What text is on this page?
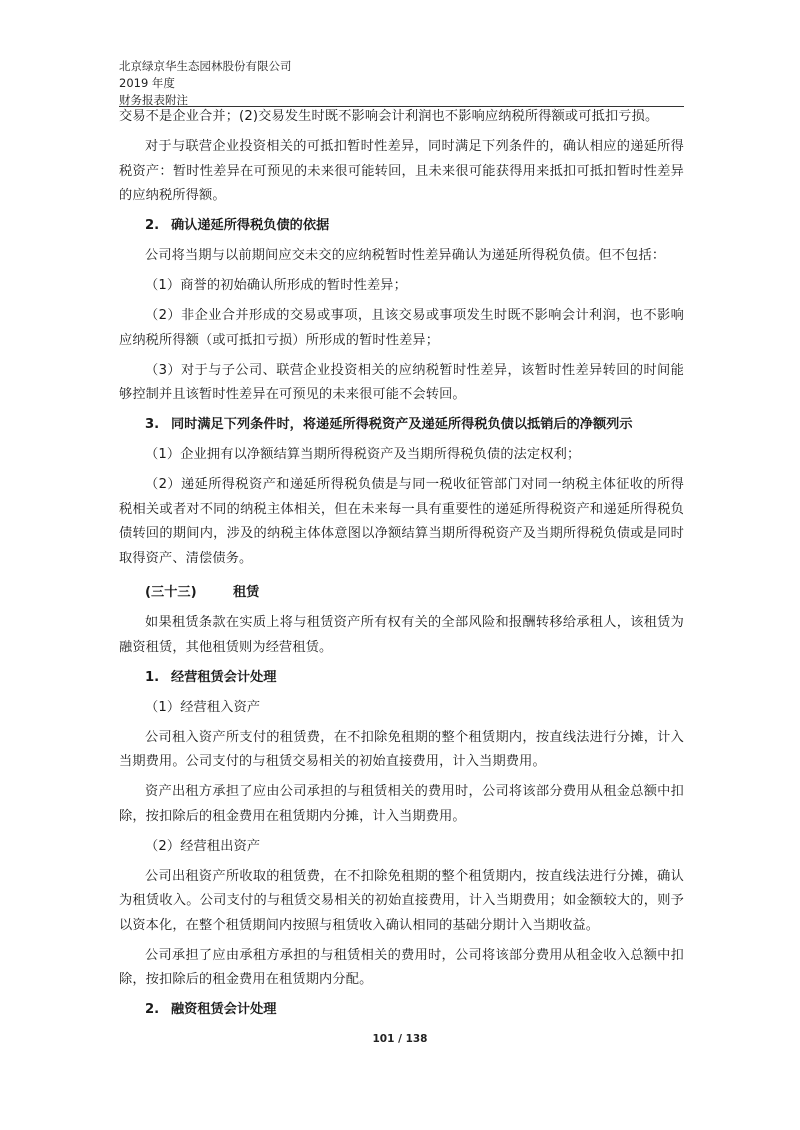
北京绿京华生态园林股份有限公司
2019 年度
财务报表附注

交易不是企业合并；(2)交易发生时既不影响会计利润也不影响应纳税所得额或可抵扣亏损。

对于与联营企业投资相关的可抵扣暂时性差异，同时满足下列条件的，确认相应的递延所得税资产：暂时性差异在可预见的未来很可能转回，且未来很可能获得用来抵扣可抵扣暂时性差异的应纳税所得额。

2. 确认递延所得税负债的依据

公司将当期与以前期间应交未交的应纳税暂时性差异确认为递延所得税负债。但不包括：

（1）商誉的初始确认所形成的暂时性差异；

（2）非企业合并形成的交易或事项，且该交易或事项发生时既不影响会计利润，也不影响应纳税所得额（或可抵扣亏损）所形成的暂时性差异；

（3）对于与子公司、联营企业投资相关的应纳税暂时性差异，该暂时性差异转回的时间能够控制并且该暂时性差异在可预见的未来很可能不会转回。

3. 同时满足下列条件时，将递延所得税资产及递延所得税负债以抵销后的净额列示

（1）企业拥有以净额结算当期所得税资产及当期所得税负债的法定权利；

（2）递延所得税资产和递延所得税负债是与同一税收征管部门对同一纳税主体征收的所得税相关或者对不同的纳税主体相关，但在未来每一具有重要性的递延所得税资产和递延所得税负债转回的期间内，涉及的纳税主体体意图以净额结算当期所得税资产及当期所得税负债或是同时取得资产、清偿债务。

(三十三)	租赁

如果租赁条款在实质上将与租赁资产所有权有关的全部风险和报酬转移给承租人，该租赁为融资租赁，其他租赁则为经营租赁。

1. 经营租赁会计处理

（1）经营租入资产

公司租入资产所支付的租赁费，在不扣除免租期的整个租赁期内，按直线法进行分摊，计入当期费用。公司支付的与租赁交易相关的初始直接费用，计入当期费用。

资产出租方承担了应由公司承担的与租赁相关的费用时，公司将该部分费用从租金总额中扣除，按扣除后的租金费用在租赁期内分摊，计入当期费用。

（2）经营租出资产

公司出租资产所收取的租赁费，在不扣除免租期的整个租赁期内，按直线法进行分摊，确认为租赁收入。公司支付的与租赁交易相关的初始直接费用，计入当期费用；如金额较大的，则予以资本化，在整个租赁期间内按照与租赁收入确认相同的基础分期计入当期收益。

公司承担了应由承租方承担的与租赁相关的费用时，公司将该部分费用从租金收入总额中扣除，按扣除后的租金费用在租赁期内分配。

2. 融资租赁会计处理
101 / 138
